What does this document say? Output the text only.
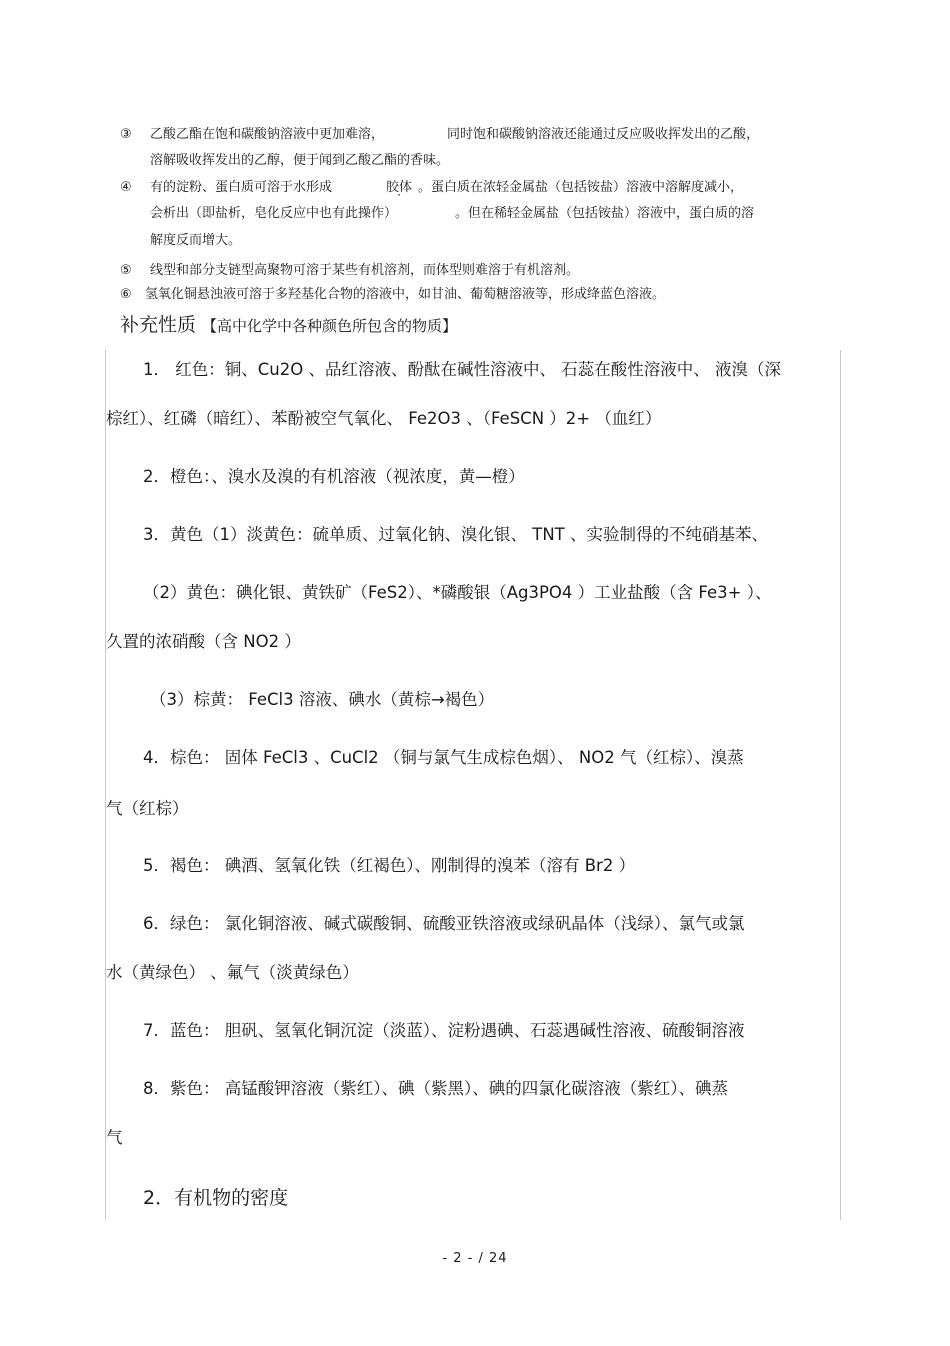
③ 乙酸乙酯在饱和碳酸钠溶液中更加难溶，	同时饱和碳酸钠溶液还能通过反应吸收挥发出的乙酸，
溶解吸收挥发出的乙醇，便于闻到乙酸乙酯的香味。
④ 有的淀粉、蛋白质可溶于水形成	胶体 · 。蛋白质在浓轻金属盐（包括铵盐）溶液中溶解度减小，
会析出（即盐析，皂化反应中也有此操作）	。但在稀轻金属盐（包括铵盐）溶液中，蛋白质的溶
解度反而增大。
⑤ 线型和部分支链型高聚物可溶于某些有机溶剂，而体型则难溶于有机溶剂。
⑥ 氢氧化铜悬浊液可溶于多羟基化合物的溶液中，如甘油、葡萄糖溶液等，形成绛蓝色溶液。
补充性质 【高中化学中各种颜色所包含的物质】
1． 红色：铜、Cu2O 、品红溶液、酚酞在碱性溶液中、 石蕊在酸性溶液中、 液溴（深
棕红）、红磷（暗红）、苯酚被空气氧化、 Fe2O3 、（FeSCN ）2+ （血红）
2．橙色：、溴水及溴的有机溶液（视浓度，黄—橙）
3．黄色（1）淡黄色：硫单质、过氧化钠、溴化银、 TNT 、实验制得的不纯硝基苯、
（2）黄色：碘化银、黄铁矿（FeS2）、*磷酸银（Ag3PO4 ）工业盐酸（含 Fe3+ ）、
久置的浓硝酸（含 NO2 ）
（3）棕黄： FeCl3 溶液、碘水（黄棕→褐色）
4．棕色： 固体 FeCl3 、CuCl2 （铜与氯气生成棕色烟）、 NO2 气（红棕）、溴蒸
气（红棕）
5．褐色： 碘酒、氢氧化铁（红褐色）、刚制得的溴苯（溶有 Br2 ）
6．绿色： 氯化铜溶液、碱式碳酸铜、硫酸亚铁溶液或绿矾晶体（浅绿）、氯气或氯
水（黄绿色） 、氟气（淡黄绿色）
7．蓝色： 胆矾、氢氧化铜沉淀（淡蓝）、淀粉遇碘、石蕊遇碱性溶液、硫酸铜溶液
8．紫色： 高锰酸钾溶液（紫红）、碘（紫黑）、碘的四氯化碳溶液（紫红）、碘蒸
气
2．有机物的密度
- 2 - / 24
